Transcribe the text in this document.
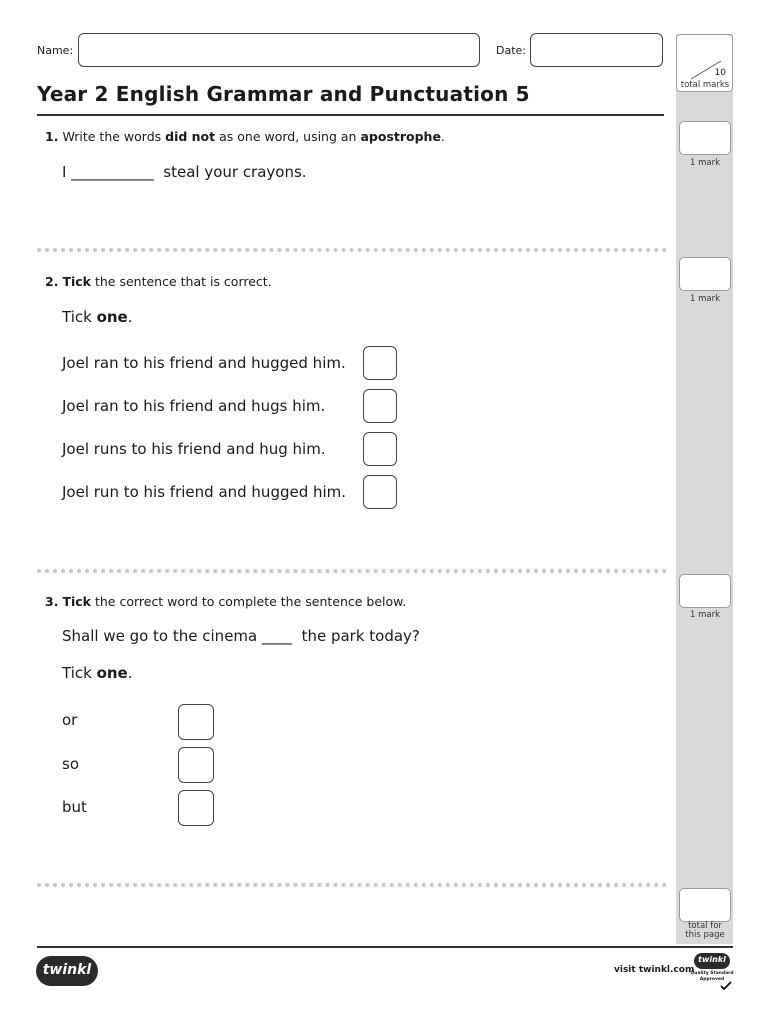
Name:	Date:
Year 2 English Grammar and Punctuation 5
10
total marks
1 mark
1 mark
1 mark
total for
this page
1. Write the words did not as one word, using an apostrophe.
I ___________ steal your crayons.
2. Tick the sentence that is correct.
Tick one.
Joel ran to his friend and hugged him.
Joel ran to his friend and hugs him.
Joel runs to his friend and hug him.
Joel run to his friend and hugged him.
3. Tick the correct word to complete the sentence below.
Shall we go to the cinema ____ the park today?
Tick one.
or
so
but
twinkl	visit twinkl.com
twinkl
Quality Standard
Approved
